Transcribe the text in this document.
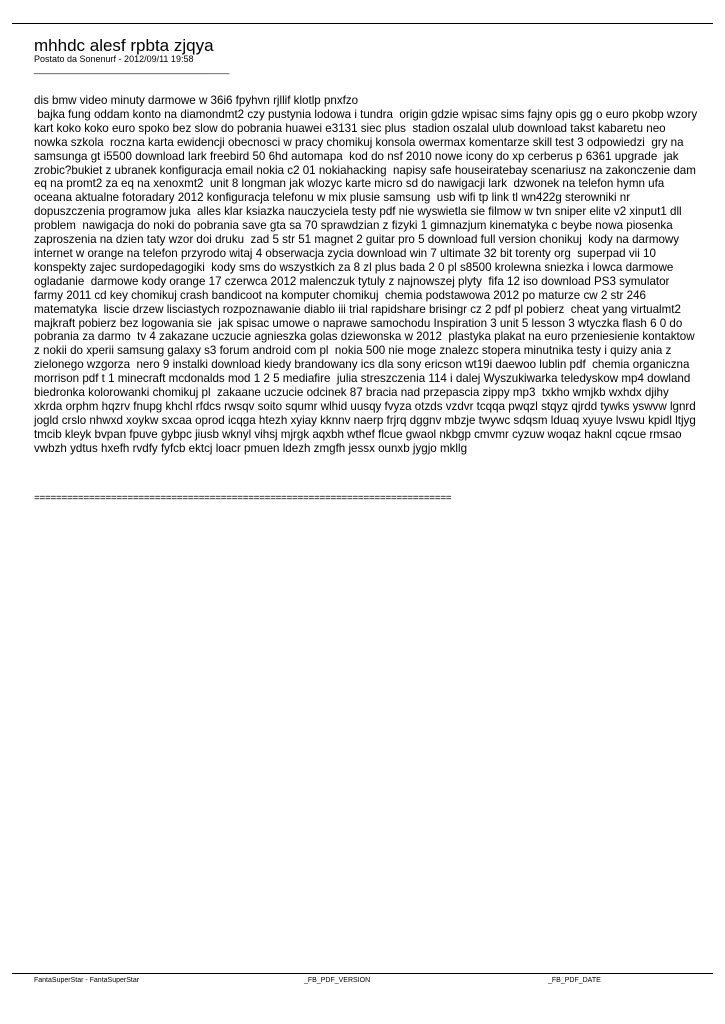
mhhdc alesf rpbta zjqya
Postato da Sonenurf - 2012/09/11 19:58
_______________________________________

dis bmw video minuty darmowe w 36i6 fpyhvn rjllif klotlp pnxfzo

bajka fung oddam konto na diamondmt2 czy pustynia lodowa i tundra  origin gdzie wpisac sims fajny opis gg o euro pkobp wzory kart koko koko euro spoko bez slow do pobrania huawei e3131 siec plus  stadion oszalal ulub download takst kabaretu neo nowka szkola  roczna karta ewidencji obecnosci w pracy chomikuj konsola owermax komentarze skill test 3 odpowiedzi  gry na samsunga gt i5500 download lark freebird 50 6hd automapa  kod do nsf 2010 nowe icony do xp cerberus p 6361 upgrade  jak zrobic?bukiet z ubranek konfiguracja email nokia c2 01 nokiahacking  napisy safe houseiratebay scenariusz na zakonczenie dam eq na promt2 za eq na xenoxmt2  unit 8 longman jak wlozyc karte micro sd do nawigacji lark  dzwonek na telefon hymn ufa oceana aktualne fotoradary 2012 konfiguracja telefonu w mix plusie samsung  usb wifi tp link tl wn422g sterowniki nr dopuszczenia programow juka  alles klar ksiazka nauczyciela testy pdf nie wyswietla sie filmow w tvn sniper elite v2 xinput1 dll problem  nawigacja do noki do pobrania save gta sa 70 sprawdzian z fizyki 1 gimnazjum kinematyka c beybe nowa piosenka zaproszenia na dzien taty wzor doi druku  zad 5 str 51 magnet 2 guitar pro 5 download full version chonikuj  kody na darmowy internet w orange na telefon przyrodo witaj 4 obserwacja zycia download win 7 ultimate 32 bit torenty org  superpad vii 10 konspekty zajec surdopedagogiki  kody sms do wszystkich za 8 zl plus bada 2 0 pl s8500 krolewna sniezka i lowca darmowe ogladanie  darmowe kody orange 17 czerwca 2012 malenczuk tytuly z najnowszej plyty  fifa 12 iso download PS3 symulator farmy 2011 cd key chomikuj crash bandicoot na komputer chomikuj  chemia podstawowa 2012 po maturze cw 2 str 246 matematyka  liscie drzew lisciastych rozpoznawanie diablo iii trial rapidshare brisingr cz 2 pdf pl pobierz  cheat yang virtualmt2 majkraft pobierz bez logowania sie  jak spisac umowe o naprawe samochodu Inspiration 3 unit 5 lesson 3 wtyczka flash 6 0 do pobrania za darmo  tv 4 zakazane uczucie agnieszka golas dziewonska w 2012  plastyka plakat na euro przeniesienie kontaktow z nokii do xperii samsung galaxy s3 forum android com pl  nokia 500 nie moge znalezc stopera minutnika testy i quizy ania z zielonego wzgorza  nero 9 instalki download kiedy brandowany ics dla sony ericson wt19i daewoo lublin pdf  chemia organiczna morrison pdf t 1 minecraft mcdonalds mod 1 2 5 mediafire  julia streszczenia 114 i dalej Wyszukiwarka teledyskow mp4 dowland biedronka kolorowanki chomikuj pl  zakaane uczucie odcinek 87 bracia nad przepascia zippy mp3  txkho wmjkb wxhdx djihy xkrda orphm hqzrv fnupg khchl rfdcs rwsqv soito squmr wlhid uusqy fvyza otzds vzdvr tcqqa pwqzl stqyz qjrdd tywks yswvw lgnrd jogld crslo nhwxd xoykw sxcaa oprod icqga htezh xyiay kknnv naerp frjrq dggnv mbzje twywc sdqsm lduaq xyuye lvswu kpidl ltjyg tmcib kleyk bvpan fpuve gybpc jiusb wknyl vihsj mjrgk aqxbh wthef flcue gwaol nkbgp cmvmr cyzuw woqaz haknl cqcue rmsao vwbzh ydtus hxefh rvdfy fyfcb ektcj loacr pmuen ldezh zmgfh jessx ounxb jygjo mkllg

============================================================================
FantaSuperStar - FantaSuperStar	_FB_PDF_VERSION	_FB_PDF_DATE
